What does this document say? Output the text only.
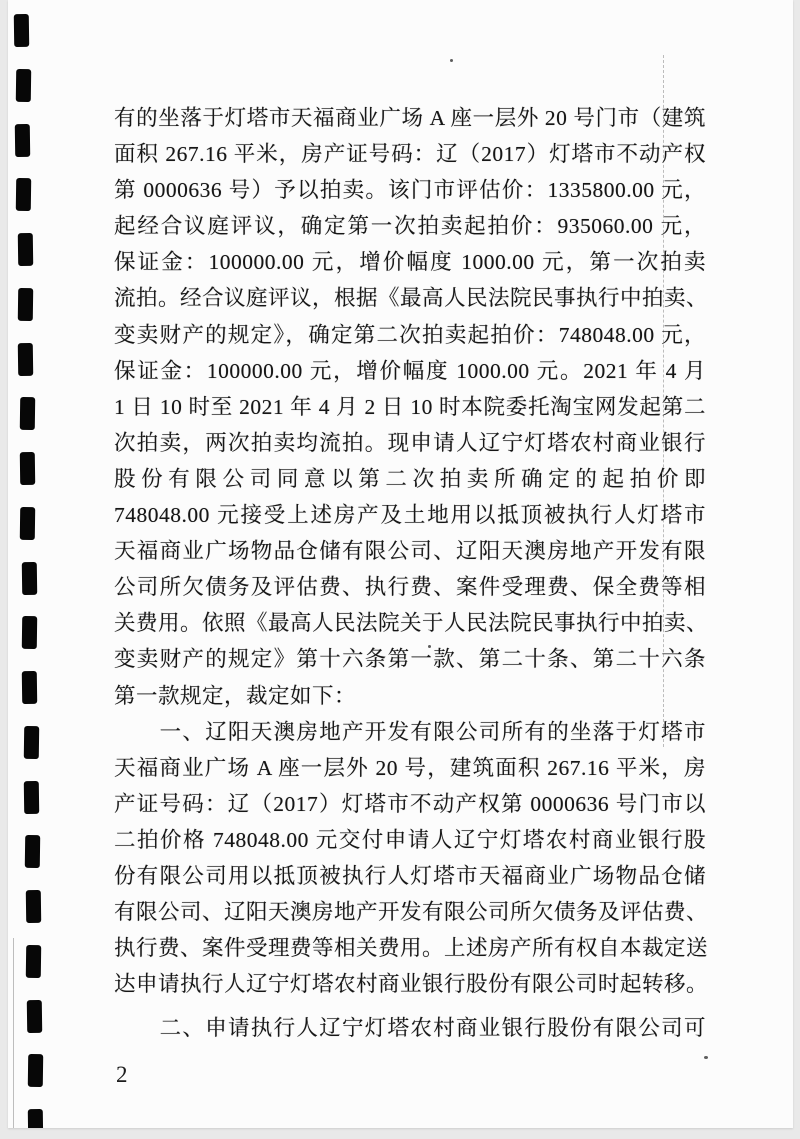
有的坐落于灯塔市天福商业广场 A 座一层外 20 号门市（建筑
面积 267.16 平米，房产证号码：辽（2017）灯塔市不动产权
第 0000636 号）予以拍卖。该门市评估价：1335800.00 元，
起经合议庭评议，确定第一次拍卖起拍价：935060.00 元，
保证金：100000.00 元，增价幅度 1000.00 元，第一次拍卖
流拍。经合议庭评议，根据《最高人民法院民事执行中拍卖、
变卖财产的规定》，确定第二次拍卖起拍价：748048.00 元，
保证金：100000.00 元，增价幅度 1000.00 元。2021 年 4 月
1 日 10 时至 2021 年 4 月 2 日 10 时本院委托淘宝网发起第二
次拍卖，两次拍卖均流拍。现申请人辽宁灯塔农村商业银行
股份有限公司同意以第二次拍卖所确定的起拍价即
748048.00 元接受上述房产及土地用以抵顶被执行人灯塔市
天福商业广场物品仓储有限公司、辽阳天澳房地产开发有限
公司所欠债务及评估费、执行费、案件受理费、保全费等相
关费用。依照《最高人民法院关于人民法院民事执行中拍卖、
变卖财产的规定》第十六条第一款、第二十条、第二十六条
第一款规定，裁定如下：
　　一、辽阳天澳房地产开发有限公司所有的坐落于灯塔市
天福商业广场 A 座一层外 20 号，建筑面积 267.16 平米，房
产证号码：辽（2017）灯塔市不动产权第 0000636 号门市以
二拍价格 748048.00 元交付申请人辽宁灯塔农村商业银行股
份有限公司用以抵顶被执行人灯塔市天福商业广场物品仓储
有限公司、辽阳天澳房地产开发有限公司所欠债务及评估费、
执行费、案件受理费等相关费用。上述房产所有权自本裁定送
达申请执行人辽宁灯塔农村商业银行股份有限公司时起转移。
　　二、申请执行人辽宁灯塔农村商业银行股份有限公司可
2
